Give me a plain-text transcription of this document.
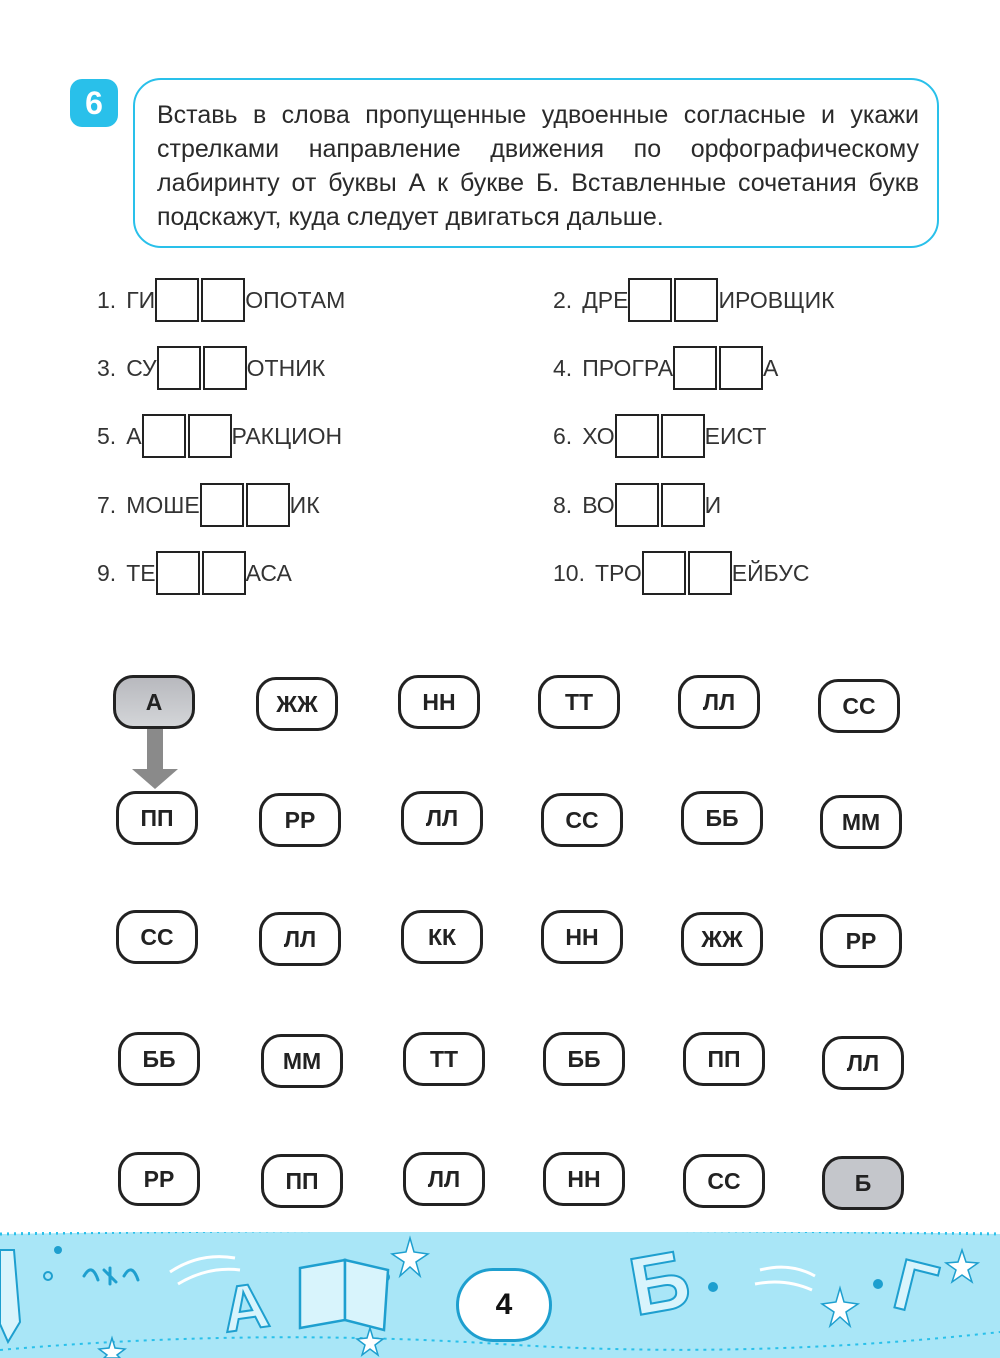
6	Вставь в слова пропущенные удвоенные согласные и укажи стрелками направление движения по орфографическому лабиринту от буквы А к букве Б. Вставленные сочетания букв подскажут, куда следует двигаться дальше.

1. ГИ	ОПОТАМ	2. ДРЕ	ИРОВЩИК
3. СУ	ОТНИК	4. ПРОГРА	А
5. А	РАКЦИОН	6. ХО	ЕИСТ
7. МОШЕ	ИК	8. ВО	И
9. ТЕ	АСА	10. ТРО	ЕЙБУС
А	ЖЖ	НН	ТТ	ЛЛ	СС
ПП	РР	ЛЛ	СС	ББ	ММ
СС	ЛЛ	КК	НН	ЖЖ	РР
ББ	ММ	ТТ	ББ	ПП	ЛЛ
РР	ПП	ЛЛ	НН	СС	Б
А	Б	Г
4
